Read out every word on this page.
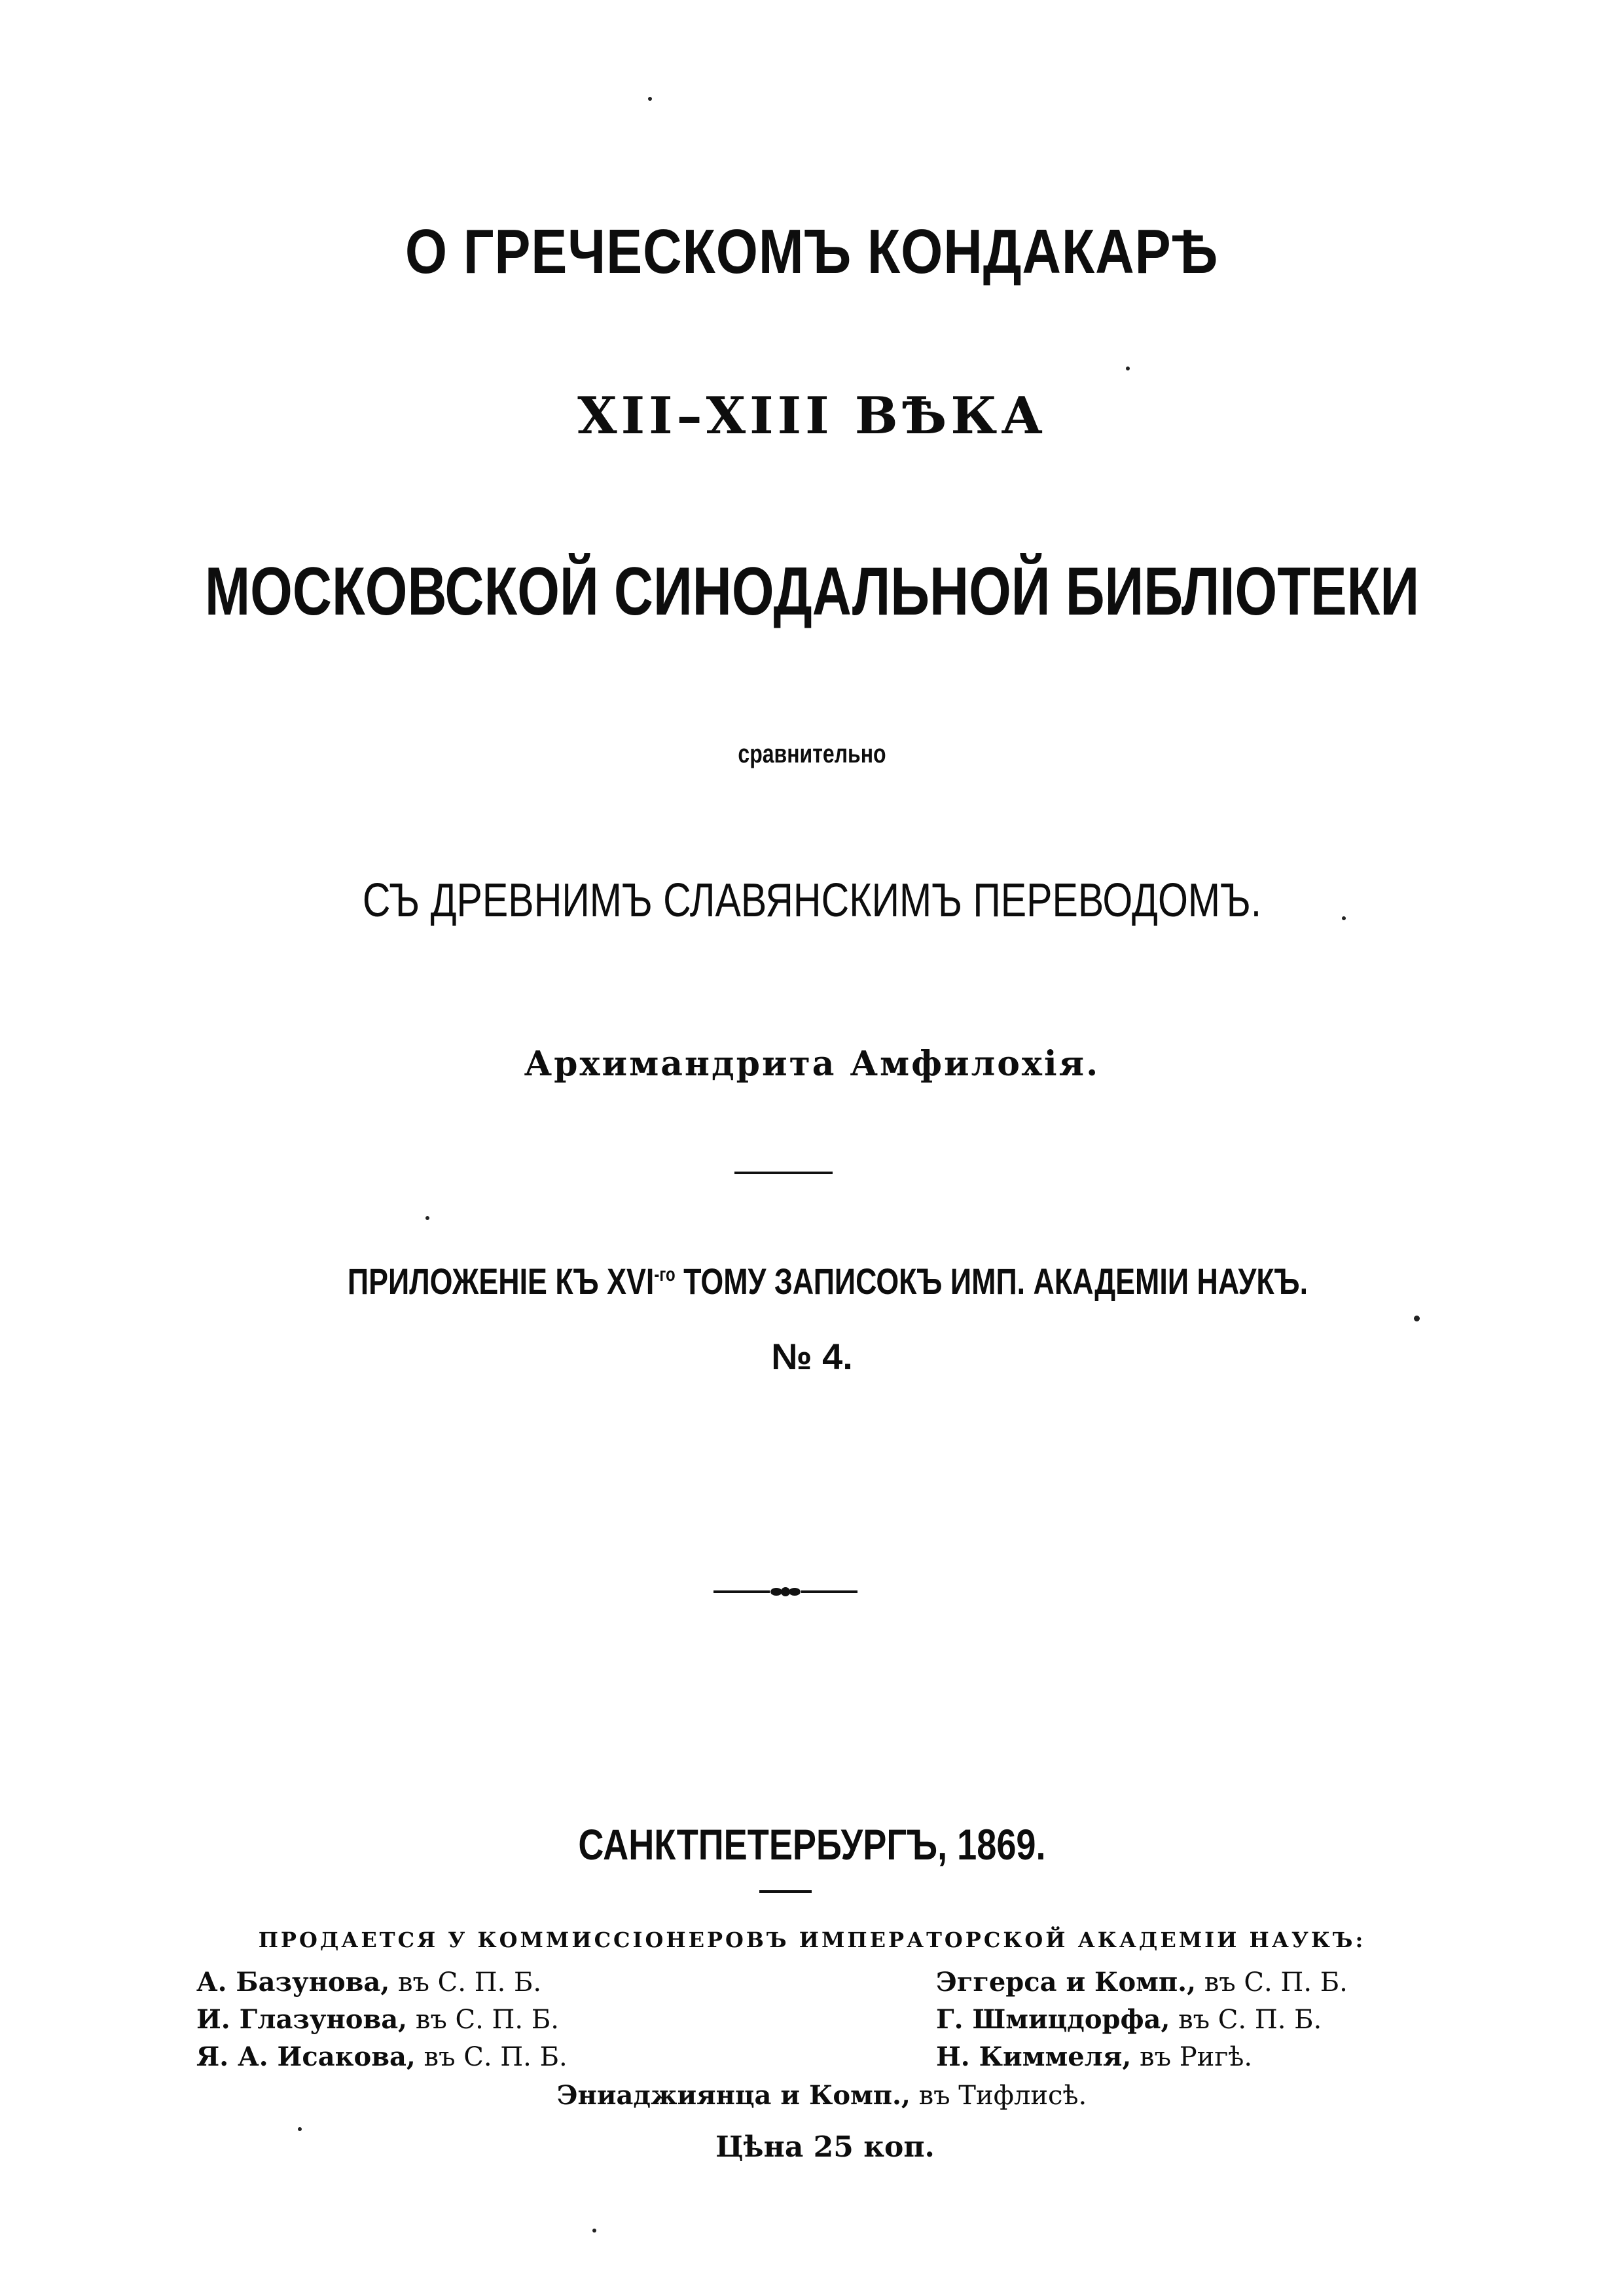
О ГРЕЧЕСКОМЪ КОНДАКАРѢ
XII–XIII ВѢКА
МОСКОВСКОЙ СИНОДАЛЬНОЙ БИБЛІОТЕКИ
сравнительно
СЪ ДРЕВНИМЪ СЛАВЯНСКИМЪ ПЕРЕВОДОМЪ.
Архимандрита Амфилохія.
ПРИЛОЖЕНІЕ КЪ $XVI^{-го}$ ТОМУ ЗАПИСОКЪ ИМП. АКАДЕМІИ НАУКЪ.
№ 4.
САНКТПЕТЕРБУРГЪ, 1869.
ПРОДАЕТСЯ У КОММИССІОНЕРОВЪ ИМПЕРАТОРСКОЙ АКАДЕМІИ НАУКЪ:
А. Базунова, въ С. П. Б.
И. Глазунова, въ С. П. Б.
Я. А. Исакова, въ С. П. Б.
Эггерса и Комп., въ С. П. Б.
Г. Шмицдорфа, въ С. П. Б.
Н. Киммеля, въ Ригѣ.
Эниаджиянца и Комп., въ Тифлисѣ.
Цѣна 25 коп.
